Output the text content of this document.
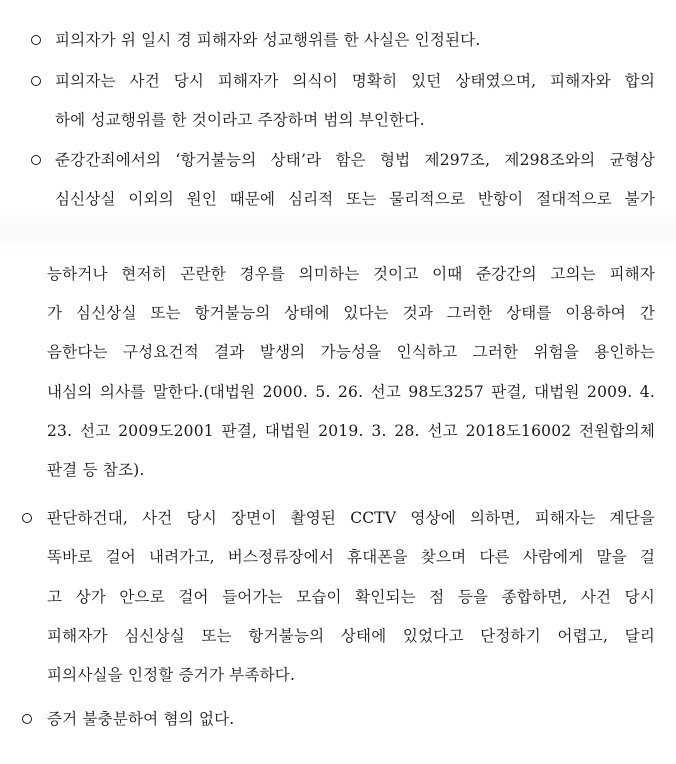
피의자가 위 일시 경 피해자와 성교행위를 한 사실은 인정된다.
피의자는 사건 당시 피해자가 의식이 명확히 있던 상태였으며, 피해자와 합의
하에 성교행위를 한 것이라고 주장하며 범의 부인한다.
준강간죄에서의 ‘항거불능의 상태’라 함은 형법 제297조, 제298조와의 균형상
심신상실 이외의 원인 때문에 심리적 또는 물리적으로 반항이 절대적으로 불가
능하거나 현저히 곤란한 경우를 의미하는 것이고 이때 준강간의 고의는 피해자
가 심신상실 또는 항거불능의 상태에 있다는 것과 그러한 상태를 이용하여 간
음한다는 구성요건적 결과 발생의 가능성을 인식하고 그러한 위험을 용인하는
내심의 의사를 말한다.(대법원 2000. 5. 26. 선고 98도3257 판결, 대법원 2009. 4.
23. 선고 2009도2001 판결, 대법원 2019. 3. 28. 선고 2018도16002 전원합의체
판결 등 참조).
판단하건대, 사건 당시 장면이 촬영된 CCTV 영상에 의하면, 피해자는 계단을
똑바로 걸어 내려가고, 버스정류장에서 휴대폰을 찾으며 다른 사람에게 말을 걸
고 상가 안으로 걸어 들어가는 모습이 확인되는 점 등을 종합하면, 사건 당시
피해자가 심신상실 또는 항거불능의 상태에 있었다고 단정하기 어렵고, 달리
피의사실을 인정할 증거가 부족하다.
증거 불충분하여 혐의 없다.
